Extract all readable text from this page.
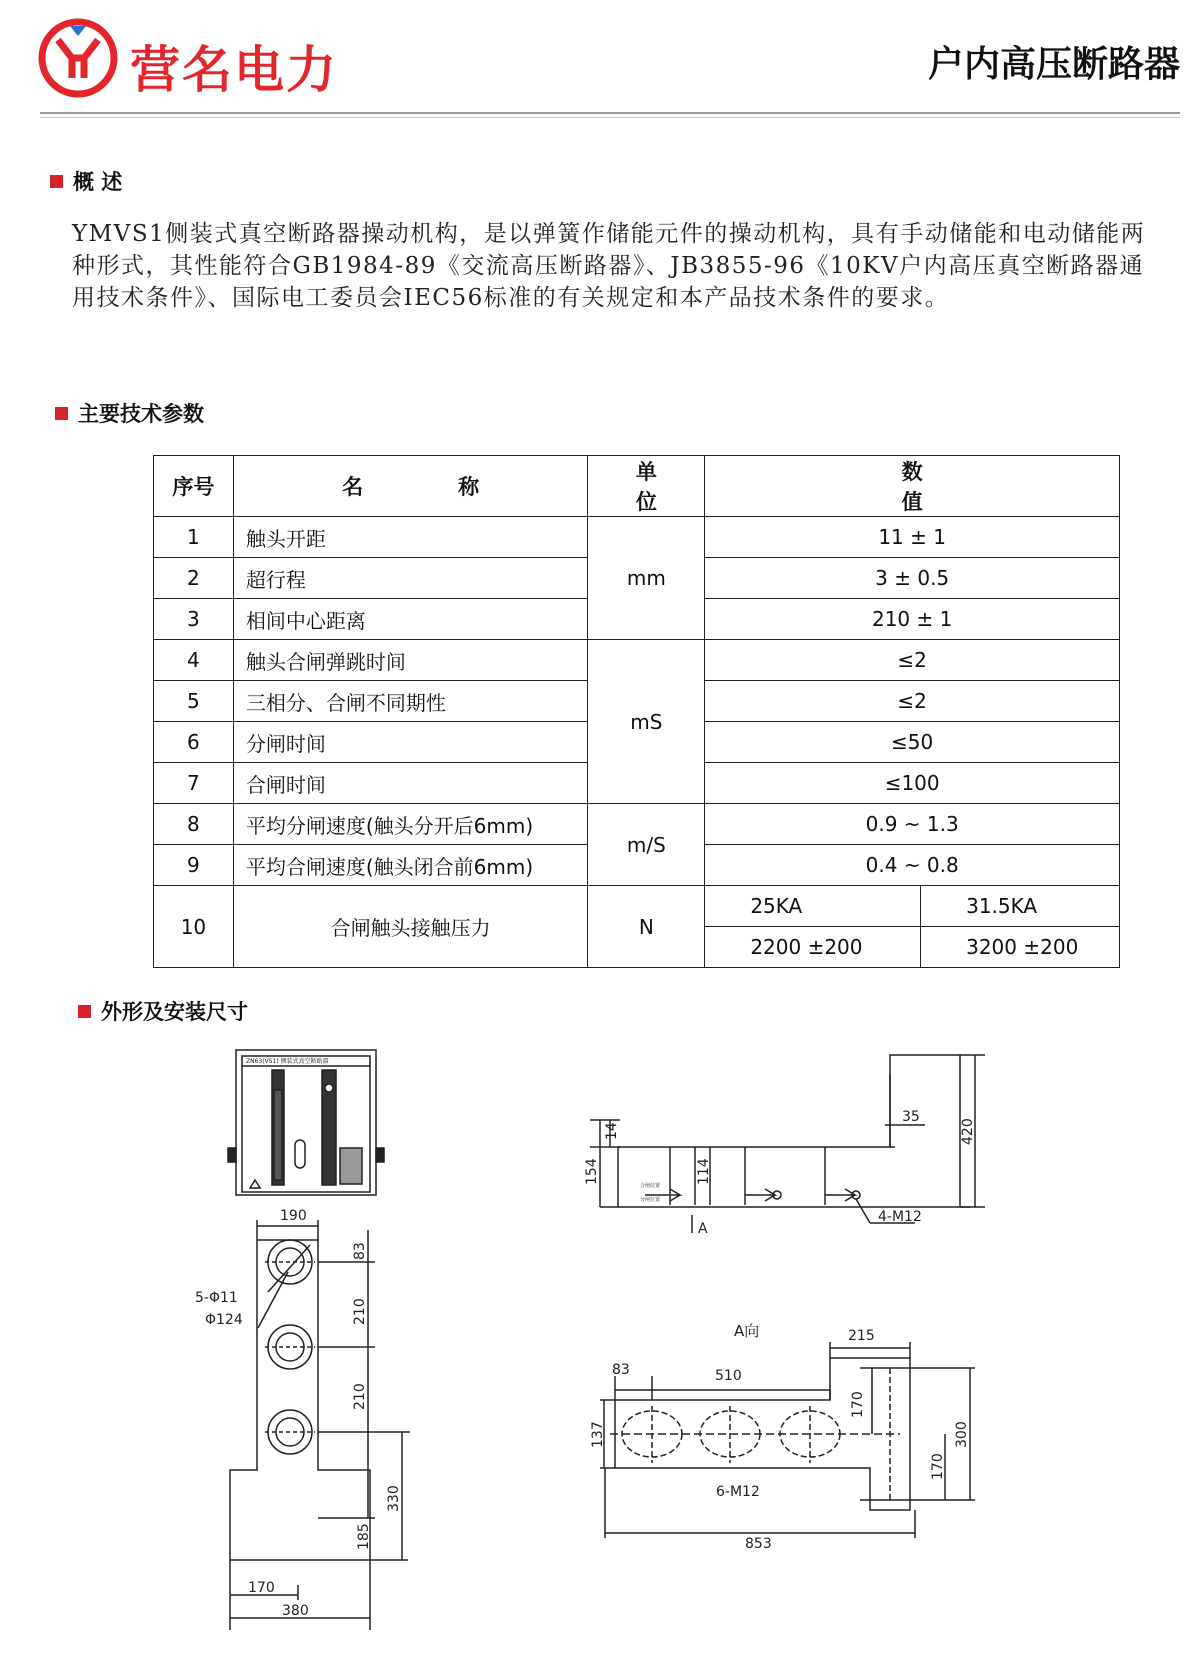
营名电力	户内高压断路器
概 述

YMVS1侧装式真空断路器操动机构，是以弹簧作储能元件的操动机构，具有手动储能和电动储能两种形式，其性能符合GB1984-89《交流高压断路器》、JB3855-96《10KV户内高压真空断路器通用技术条件》、国际电工委员会IEC56标准的有关规定和本产品技术条件的要求。

主要技术参数
序号	名称	单位	数值	
1	触头开距	mm	11 ± 1	
2	超行程		3 ± 0.5	
3	相间中心距离		210 ± 1	
4	触头合闸弹跳时间	mS	≤2	
5	三相分、合闸不同期性		≤2	
6	分闸时间		≤50	
7	合闸时间		≤100	
8	平均分闸速度(触头分开后6mm)	m/S	0.9 ~ 1.3	
9	平均合闸速度(触头闭合前6mm)		0.4 ~ 0.8	
10	合闸触头接触压力	N	25KA	31.5KA
			2200 ±200	3200 ±200
外形及安装尺寸
ZN63(VS1) 侧装式真空断路器
190
5-Φ11
Φ124
83
210
210
330
185
170
380
14
154	114
35
420
4-M12
A
合闸位置
分闸位置
A向
83	510
215
170
137	300
170
6-M12
853
